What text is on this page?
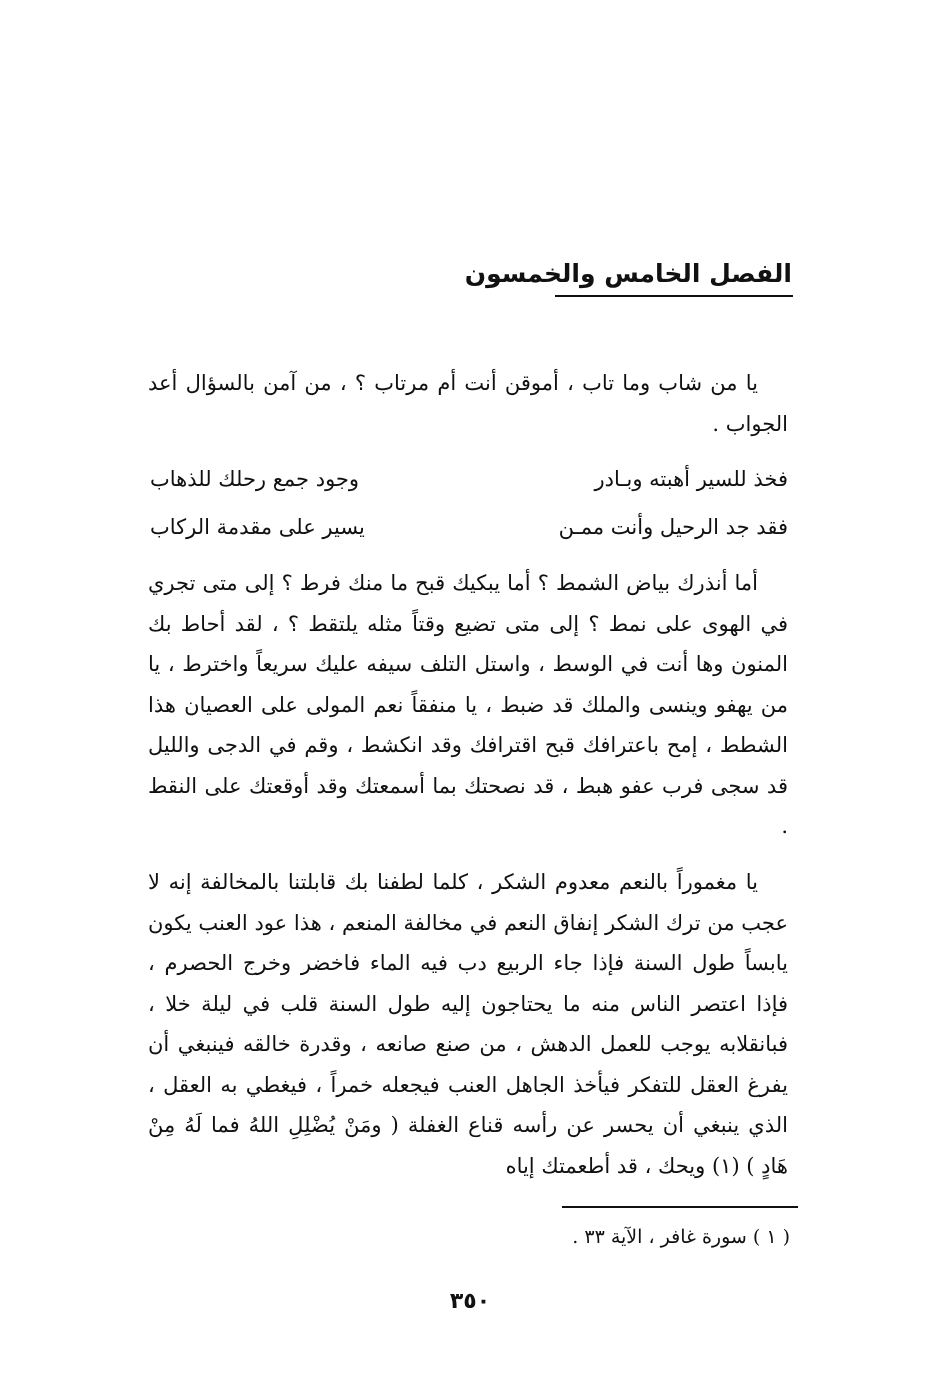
الفصل الخامس والخمسون

يا من شاب وما تاب ، أموقن أنت أم مرتاب ؟ ، من آمن بالسؤال أعد الجواب .

فخذ للسير أهبته وبـادر
وجود جمع رحلك للذهاب
فقد جد الرحيل وأنت ممـن
يسير على مقدمة الركاب

أما أنذرك بياض الشمط ؟ أما يبكيك قبح ما منك فرط ؟ إلى متى تجري في الهوى على نمط ؟ إلى متى تضيع وقتاً مثله يلتقط ؟ ، لقد أحاط بك المنون وها أنت في الوسط ، واستل التلف سيفه عليك سريعاً واخترط ، يا من يهفو وينسى والملك قد ضبط ، يا منفقاً نعم المولى على العصيان هذا الشطط ، إمح باعترافك قبح اقترافك وقد انكشط ، وقم في الدجى والليل قد سجى فرب عفو هبط ، قد نصحتك بما أسمعتك وقد أوقعتك على النقط .

يا مغموراً بالنعم معدوم الشكر ، كلما لطفنا بك قابلتنا بالمخالفة إنه لا عجب من ترك الشكر إنفاق النعم في مخالفة المنعم ، هذا عود العنب يكون يابساً طول السنة فإذا جاء الربيع دب فيه الماء فاخضر وخرج الحصرم ، فإذا اعتصر الناس منه ما يحتاجون إليه طول السنة قلب في ليلة خلا ، فبانقلابه يوجب للعمل الدهش ، من صنع صانعه ، وقدرة خالقه فينبغي أن يفرغ العقل للتفكر فيأخذ الجاهل العنب فيجعله خمراً ، فيغطي به العقل ، الذي ينبغي أن يحسر عن رأسه قناع الغفلة ( ومَنْ يُضْلِلِ اللهُ فما لَهُ مِنْ هَادٍ ) (١) ويحك ، قد أطعمتك إياه

( ١ ) سورة غافر ، الآية ٣٣ .

٣٥٠
